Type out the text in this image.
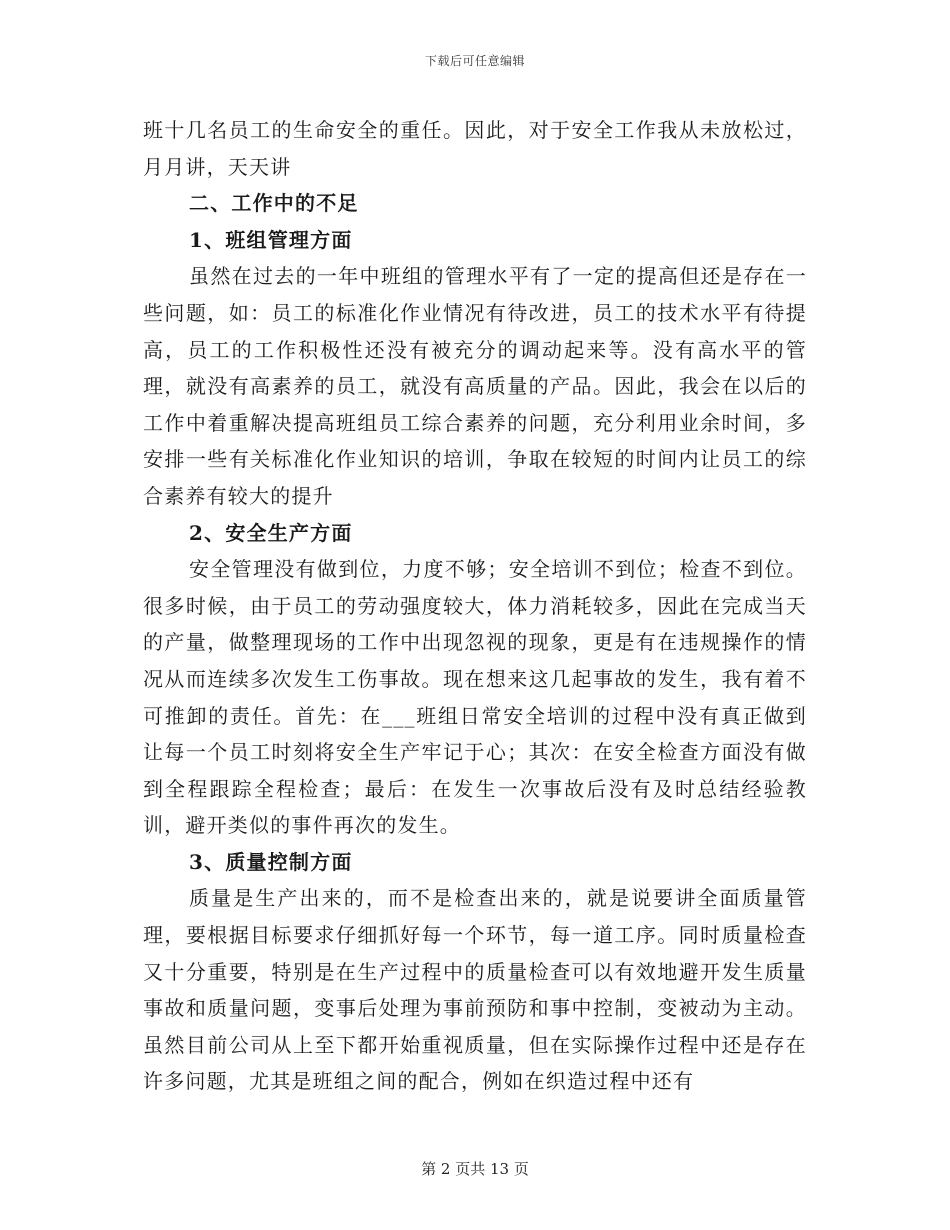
下载后可任意编辑

班十几名员工的生命安全的重任。因此，对于安全工作我从未放松过，月月讲，天天讲

二、工作中的不足

1、班组管理方面

虽然在过去的一年中班组的管理水平有了一定的提高但还是存在一些问题，如：员工的标准化作业情况有待改进，员工的技术水平有待提高，员工的工作积极性还没有被充分的调动起来等。没有高水平的管理，就没有高素养的员工，就没有高质量的产品。因此，我会在以后的工作中着重解决提高班组员工综合素养的问题，充分利用业余时间，多安排一些有关标准化作业知识的培训，争取在较短的时间内让员工的综合素养有较大的提升

2、安全生产方面

安全管理没有做到位，力度不够；安全培训不到位；检查不到位。很多时候，由于员工的劳动强度较大，体力消耗较多，因此在完成当天的产量，做整理现场的工作中出现忽视的现象，更是有在违规操作的情况从而连续多次发生工伤事故。现在想来这几起事故的发生，我有着不可推卸的责任。首先：在___班组日常安全培训的过程中没有真正做到让每一个员工时刻将安全生产牢记于心；其次：在安全检查方面没有做到全程跟踪全程检查；最后：在发生一次事故后没有及时总结经验教训，避开类似的事件再次的发生。

3、质量控制方面

质量是生产出来的，而不是检查出来的，就是说要讲全面质量管理，要根据目标要求仔细抓好每一个环节，每一道工序。同时质量检查又十分重要，特别是在生产过程中的质量检查可以有效地避开发生质量事故和质量问题，变事后处理为事前预防和事中控制，变被动为主动。虽然目前公司从上至下都开始重视质量，但在实际操作过程中还是存在许多问题，尤其是班组之间的配合，例如在织造过程中还有

第 2 页共 13 页
